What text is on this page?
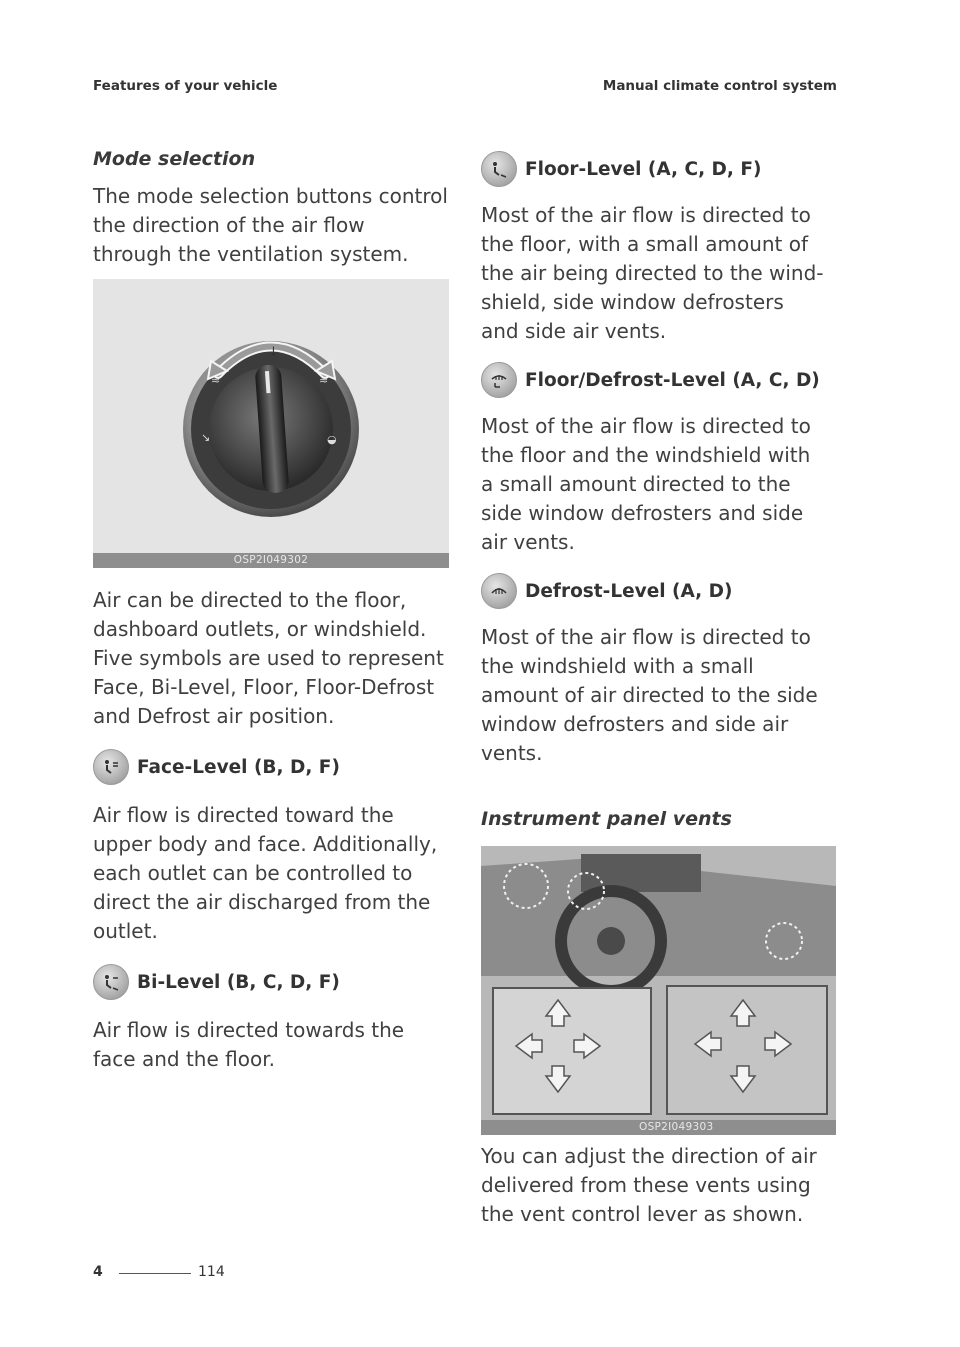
Features of your vehicle	Manual climate control system
Mode selection

The mode selection buttons control the direction of the air flow through the ventilation system.

↓
≈	≈
↘	◒
OSP2I049302

Air can be directed to the floor, dashboard outlets, or windshield. Five symbols are used to represent Face, Bi-Level, Floor, Floor-Defrost and Defrost air position.

Face-Level (B, D, F)

Air flow is directed toward the upper body and face. Additionally, each outlet can be controlled to direct the air discharged from the outlet.

Bi-Level (B, C, D, F)

Air flow is directed towards the face and the floor.

Floor-Level (A, C, D, F)

Most of the air flow is directed to the floor, with a small amount of the air being directed to the wind- shield, side window defrosters and side air vents.

Floor/Defrost-Level (A, C, D)

Most of the air flow is directed to the floor and the windshield with a small amount directed to the side window defrosters and side air vents.

Defrost-Level (A, D)

Most of the air flow is directed to the windshield with a small amount of air directed to the side window defrosters and side air vents.

Instrument panel vents
OSP2I049303

You can adjust the direction of air delivered from these vents using the vent control lever as shown.

4	114
